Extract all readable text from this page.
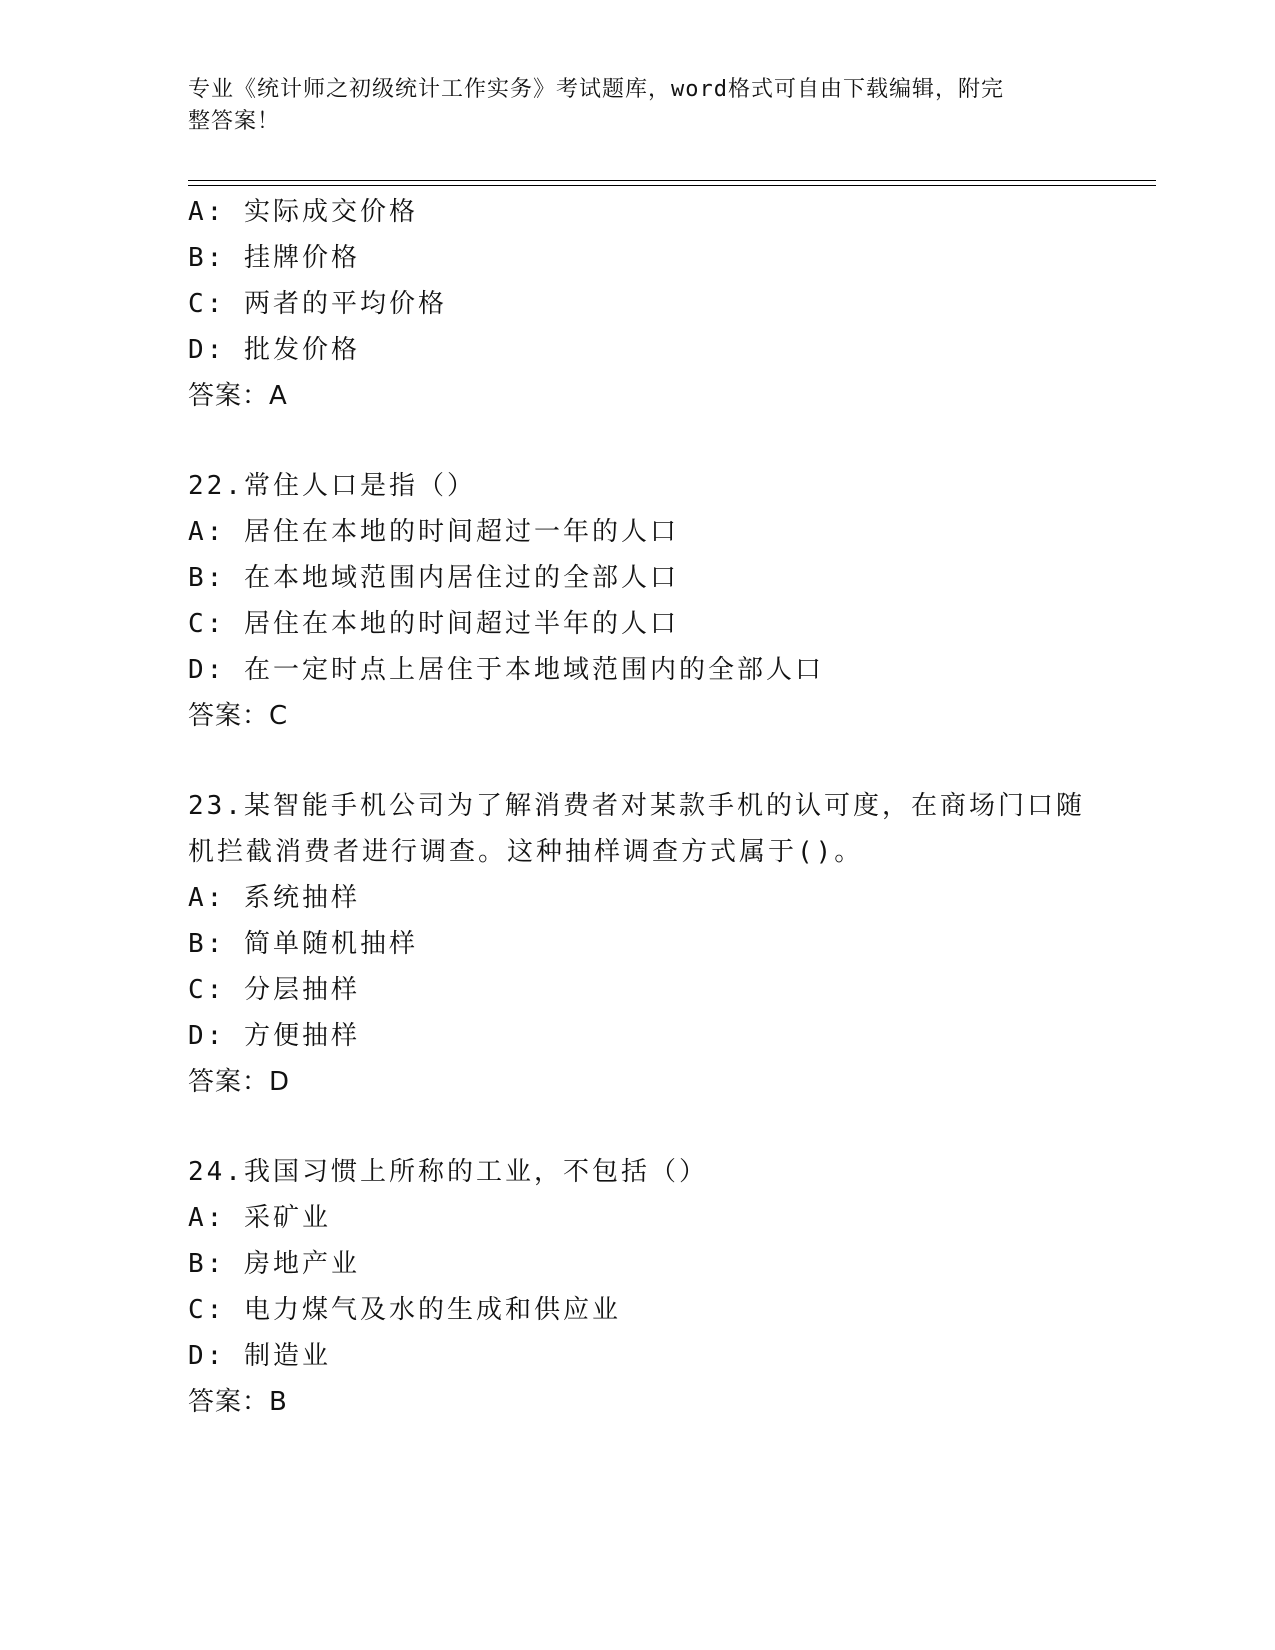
专业《统计师之初级统计工作实务》考试题库，word格式可自由下载编辑，附完
整答案！
A: 实际成交价格
B: 挂牌价格
C: 两者的平均价格
D: 批发价格
答案：A
22.常住人口是指（）
A: 居住在本地的时间超过一年的人口
B: 在本地域范围内居住过的全部人口
C: 居住在本地的时间超过半年的人口
D: 在一定时点上居住于本地域范围内的全部人口
答案：C
23.某智能手机公司为了解消费者对某款手机的认可度，在商场门口随
机拦截消费者进行调查。这种抽样调查方式属于()。
A: 系统抽样
B: 简单随机抽样
C: 分层抽样
D: 方便抽样
答案：D
24.我国习惯上所称的工业，不包括（）
A: 采矿业
B: 房地产业
C: 电力煤气及水的生成和供应业
D: 制造业
答案：B
